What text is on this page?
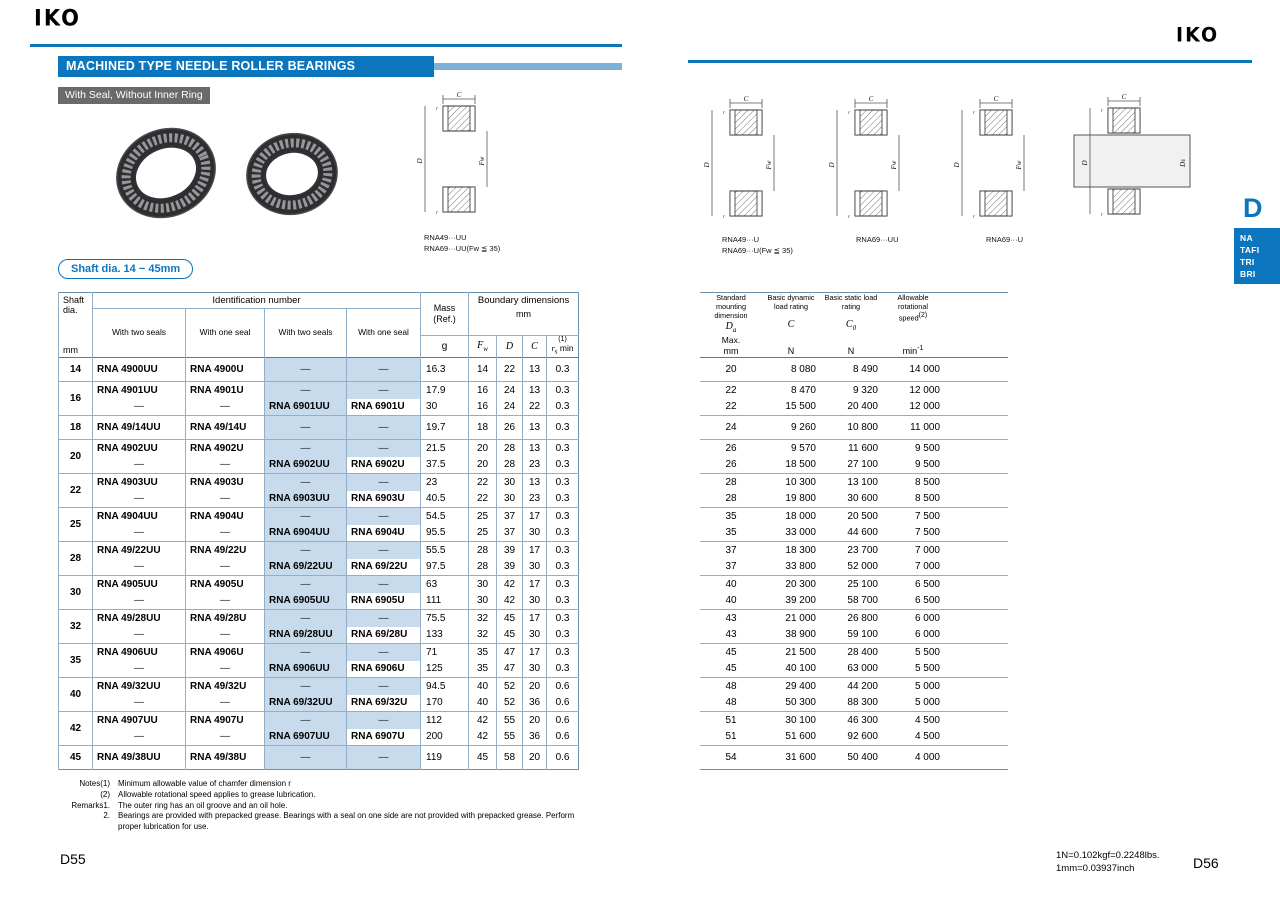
IKO
MACHINED TYPE NEEDLE ROLLER BEARINGS
With Seal, Without Inner Ring	C
D	Fw
r
r
RNA49···UU
RNA69···UU(Fw ≦ 35)
Shaft dia. 14 − 45mm
Shaft
dia.
mm
	Identification number	
Mass
(Ref.)
	Boundary dimensions
	With two seals	With one seal	With two seals	With one seal		mm			
					g	$F_w$	D	C	(1)
$r_s$ min

14	RNA 4900UU	RNA 4900U	—	—	16.3	14	22	13	0.3
16	RNA 4901UU	RNA 4901U	—	—	17.9	16	24	13	0.3
	—	—	RNA 6901UU	RNA 6901U	30	16	24	22	0.3
18	RNA 49/14UU	RNA 49/14U	—	—	19.7	18	26	13	0.3
20	RNA 4902UU	RNA 4902U	—	—	21.5	20	28	13	0.3
	—	—	RNA 6902UU	RNA 6902U	37.5	20	28	23	0.3
22	RNA 4903UU	RNA 4903U	—	—	23	22	30	13	0.3
	—	—	RNA 6903UU	RNA 6903U	40.5	22	30	23	0.3
25	RNA 4904UU	RNA 4904U	—	—	54.5	25	37	17	0.3
	—	—	RNA 6904UU	RNA 6904U	95.5	25	37	30	0.3
28	RNA 49/22UU	RNA 49/22U	—	—	55.5	28	39	17	0.3
	—	—	RNA 69/22UU	RNA 69/22U	97.5	28	39	30	0.3
30	RNA 4905UU	RNA 4905U	—	—	63	30	42	17	0.3
	—	—	RNA 6905UU	RNA 6905U	111	30	42	30	0.3
32	RNA 49/28UU	RNA 49/28U	—	—	75.5	32	45	17	0.3
	—	—	RNA 69/28UU	RNA 69/28U	133	32	45	30	0.3
35	RNA 4906UU	RNA 4906U	—	—	71	35	47	17	0.3
	—	—	RNA 6906UU	RNA 6906U	125	35	47	30	0.3
40	RNA 49/32UU	RNA 49/32U	—	—	94.5	40	52	20	0.6
	—	—	RNA 69/32UU	RNA 69/32U	170	40	52	36	0.6
42	RNA 4907UU	RNA 4907U	—	—	112	42	55	20	0.6
	—	—	RNA 6907UU	RNA 6907U	200	42	55	36	0.6
45	RNA 49/38UU	RNA 49/38U	—	—	119	45	58	20	0.6
Notes(1)	Minimum allowable value of chamfer dimension r
(2)	Allowable rotational speed applies to grease lubrication.
Remarks1.	The outer ring has an oil groove and an oil hole.
2.	Bearings are provided with prepacked grease. Bearings with a seal on one side are not provided with prepacked grease. Perform proper lubrication for use.
D55
IKO
C
D	Fw
r
r
C
D	Fw
r
r
C
D	Fw
r
r
C
D	Ds
r
r
RNA49···U
RNA69···U(Fw ≦ 35)
RNA69···UU	RNA69···U
D
NA
TAFI
TRI
BRI
Standard mounting dimension
$D_a$
Max.
mm

Basic dynamic load rating
C
N

Basic static load rating
$C_0$
N

Allowable rotational speed$^{(2)}$
$\min^{-1}$

20	8 080	8 490	14 000	
22	8 470	9 320	12 000	
22	15 500	20 400	12 000	
24	9 260	10 800	11 000	
26	9 570	11 600	9 500	
26	18 500	27 100	9 500	
28	10 300	13 100	8 500	
28	19 800	30 600	8 500	
35	18 000	20 500	7 500	
35	33 000	44 600	7 500	
37	18 300	23 700	7 000	
37	33 800	52 000	7 000	
40	20 300	25 100	6 500	
40	39 200	58 700	6 500	
43	21 000	26 800	6 000	
43	38 900	59 100	6 000	
45	21 500	28 400	5 500	
45	40 100	63 000	5 500	
48	29 400	44 200	5 000	
48	50 300	88 300	5 000	
51	30 100	46 300	4 500	
51	51 600	92 600	4 500	
54	31 600	50 400	4 000	
1N=0.102kgf=0.2248lbs.
1mm=0.03937inch	D56
